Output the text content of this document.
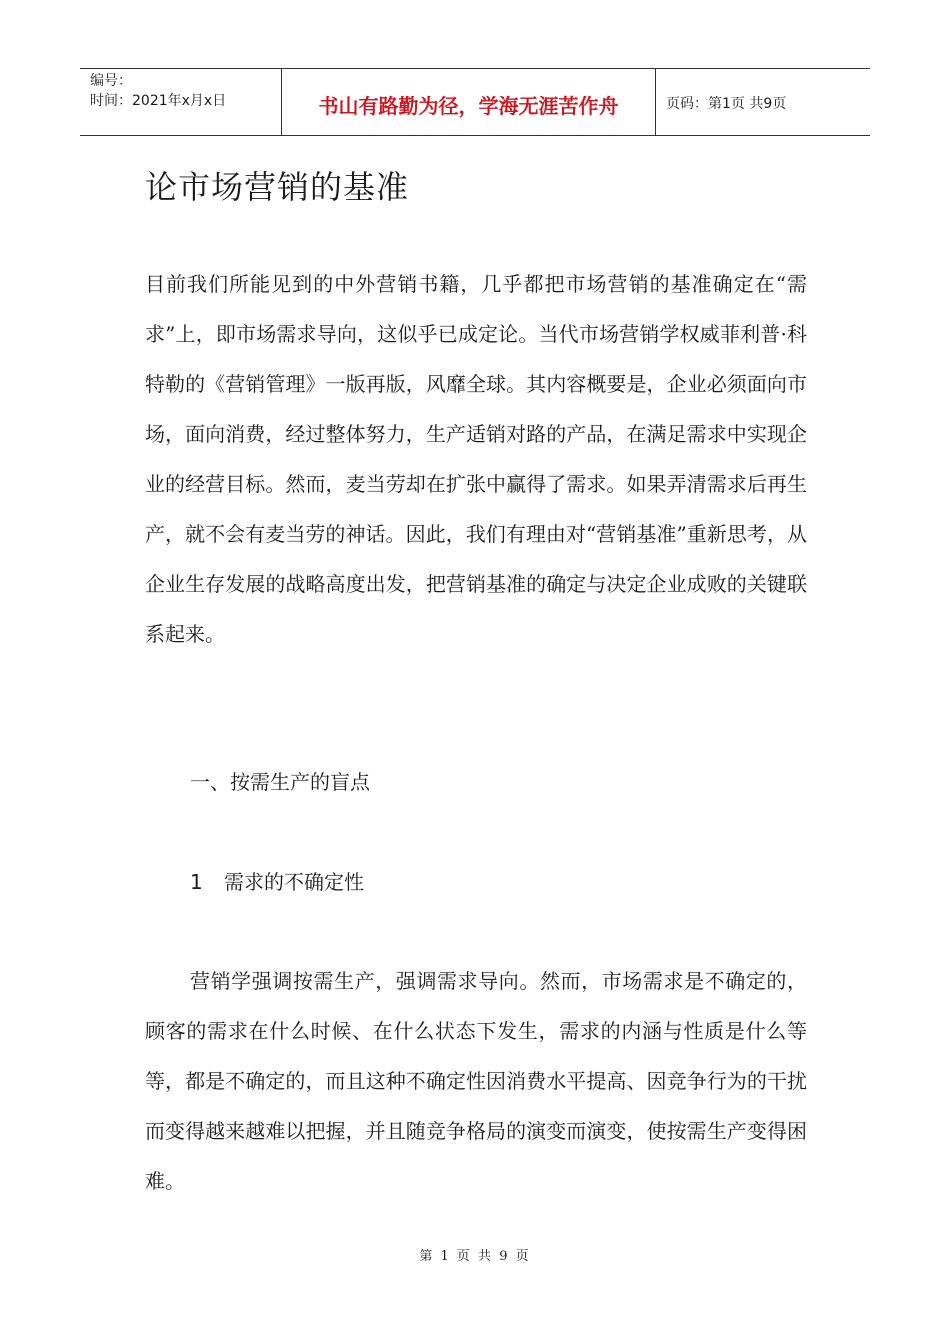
编号：
时间：2021年x月x日	书山有路勤为径，学海无涯苦作舟	页码：第1页 共9页
论市场营销的基准

目前我们所能见到的中外营销书籍，几乎都把市场营销的基准确定在“需求”上，即市场需求导向，这似乎已成定论。当代市场营销学权威菲利普·科特勒的《营销管理》一版再版，风靡全球。其内容概要是，企业必须面向市场，面向消费，经过整体努力，生产适销对路的产品，在满足需求中实现企业的经营目标。然而，麦当劳却在扩张中赢得了需求。如果弄清需求后再生产，就不会有麦当劳的神话。因此，我们有理由对“营销基准”重新思考，从企业生存发展的战略高度出发，把营销基准的确定与决定企业成败的关键联系起来。

一、按需生产的盲点

1 需求的不确定性

营销学强调按需生产，强调需求导向。然而，市场需求是不确定的，顾客的需求在什么时候、在什么状态下发生，需求的内涵与性质是什么等等，都是不确定的，而且这种不确定性因消费水平提高、因竞争行为的干扰而变得越来越难以把握，并且随竞争格局的演变而演变，使按需生产变得困难。

第 1 页 共 9 页
